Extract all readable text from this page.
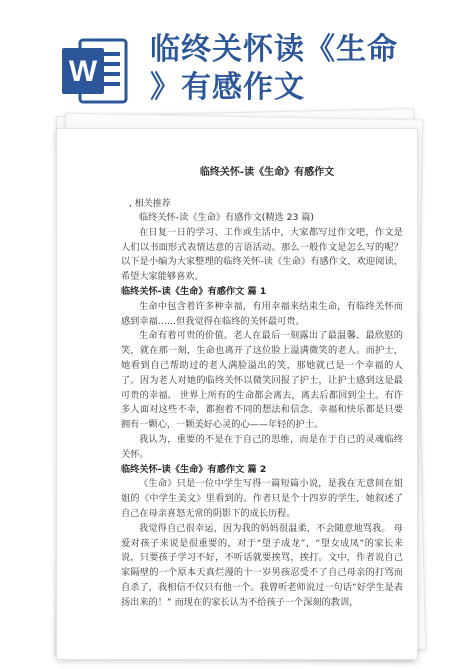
W
临终关怀读《生命
》有感作文
临终关怀-读《生命》有感作文
, 相关推荐

临终关怀-读《生命》有感作文(精选 23 篇)

在日复一日的学习、工作或生活中，大家都写过作文吧，作文是人们以书面形式表情达意的言语活动。那么一般作文是怎么写的呢？以下是小编为大家整理的临终关怀-读《生命》有感作文，欢迎阅读，希望大家能够喜欢。

临终关怀-读《生命》有感作文 篇 1

生命中包含着许多种幸福，有用幸福来结束生命，有临终关怀而感到幸福……但我觉得在临终的关怀最可贵。

生命有着可贵的价值。老人在最后一刻露出了最温馨、最欣慰的笑，就在那一刻，生命也离开了这位脸上溢满微笑的老人。而护士，她看到自己帮助过的老人满脸溢出的笑，那她就已是一个幸福的人了。因为老人对她的临终关怀以微笑回报了护士，让护士感到这是最可贵的幸福。 世界上所有的生命都会离去，离去后都回到尘土。有许多人面对这些不幸，都抱着不同的想法和信念。幸福和快乐都是只要拥有一颗心，一颗美好心灵的心——年轻的护士。

我认为，重要的不是在于自己的思维，而是在于自己的灵魂临终关怀。

临终关怀-读《生命》有感作文 篇 2

《生命》只是一位中学生写得一篇短篇小说，是我在无意间在姐姐的《中学生美文》里看到的。作者只是个十四岁的学生，她叙述了自己在母亲喜怒无常的阴影下的成长历程。

我觉得自己很幸运，因为我的妈妈很温柔，不会随意地骂我。 母爱对孩子来说是很重要的，对于“望子成龙”，“望女成凤”的家长来说，只要孩子学习不好，不听话就要挨骂，挨打。文中，作者说自己家隔壁的一个原本天真烂漫的十一岁男孩忍受不了自己母亲的打骂而自杀了，我相信不仅只有他一个。我曾听老师说过一句话“好学生是表扬出来的！” 而现在的家长认为不给孩子一个深刻的教训，
